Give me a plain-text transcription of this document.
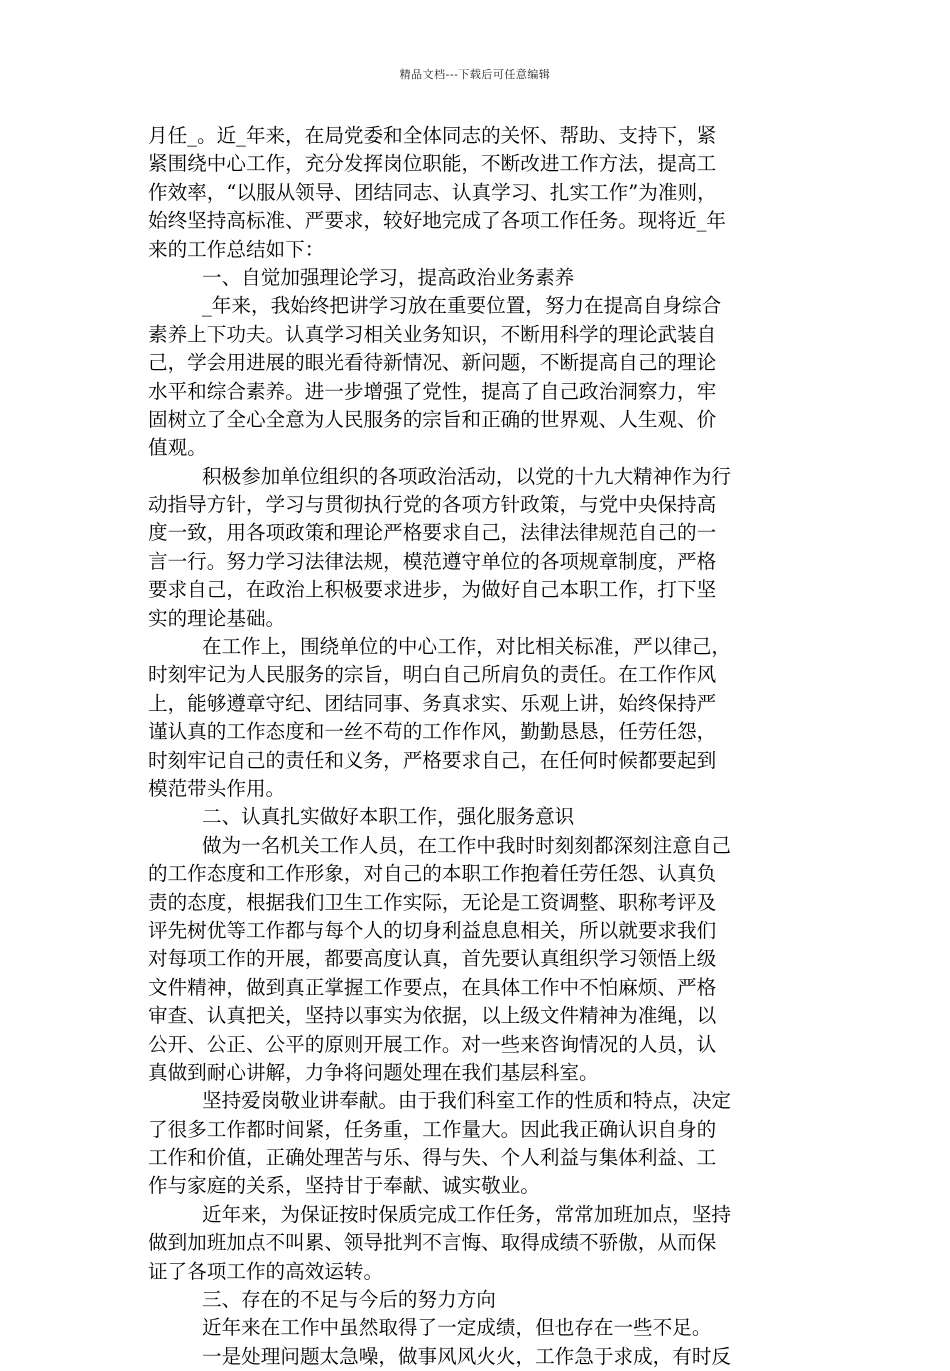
精品文档---下载后可任意编辑
月任_。近_年来，在局党委和全体同志的关怀、帮助、支持下，紧
紧围绕中心工作，充分发挥岗位职能，不断改进工作方法，提高工
作效率，“以服从领导、团结同志、认真学习、扎实工作”为准则，
始终坚持高标准、严要求，较好地完成了各项工作任务。现将近_年
来的工作总结如下：
一、自觉加强理论学习，提高政治业务素养
_年来，我始终把讲学习放在重要位置，努力在提高自身综合
素养上下功夫。认真学习相关业务知识，不断用科学的理论武装自
己，学会用进展的眼光看待新情况、新问题，不断提高自己的理论
水平和综合素养。进一步增强了党性，提高了自己政治洞察力，牢
固树立了全心全意为人民服务的宗旨和正确的世界观、人生观、价
值观。
积极参加单位组织的各项政治活动，以党的十九大精神作为行
动指导方针，学习与贯彻执行党的各项方针政策，与党中央保持高
度一致，用各项政策和理论严格要求自己，法律法律规范自己的一
言一行。努力学习法律法规，模范遵守单位的各项规章制度，严格
要求自己，在政治上积极要求进步，为做好自己本职工作，打下坚
实的理论基础。
在工作上，围绕单位的中心工作，对比相关标准，严以律己，
时刻牢记为人民服务的宗旨，明白自己所肩负的责任。在工作作风
上，能够遵章守纪、团结同事、务真求实、乐观上讲，始终保持严
谨认真的工作态度和一丝不苟的工作作风，勤勤恳恳，任劳任怨，
时刻牢记自己的责任和义务，严格要求自己，在任何时候都要起到
模范带头作用。
二、认真扎实做好本职工作，强化服务意识
做为一名机关工作人员，在工作中我时时刻刻都深刻注意自己
的工作态度和工作形象，对自己的本职工作抱着任劳任怨、认真负
责的态度，根据我们卫生工作实际，无论是工资调整、职称考评及
评先树优等工作都与每个人的切身利益息息相关，所以就要求我们
对每项工作的开展，都要高度认真，首先要认真组织学习领悟上级
文件精神，做到真正掌握工作要点，在具体工作中不怕麻烦、严格
审查、认真把关，坚持以事实为依据，以上级文件精神为准绳，以
公开、公正、公平的原则开展工作。对一些来咨询情况的人员，认
真做到耐心讲解，力争将问题处理在我们基层科室。
坚持爱岗敬业讲奉献。由于我们科室工作的性质和特点，决定
了很多工作都时间紧，任务重，工作量大。因此我正确认识自身的
工作和价值，正确处理苦与乐、得与失、个人利益与集体利益、工
作与家庭的关系，坚持甘于奉献、诚实敬业。
近年来，为保证按时保质完成工作任务，常常加班加点，坚持
做到加班加点不叫累、领导批判不言悔、取得成绩不骄傲，从而保
证了各项工作的高效运转。
三、存在的不足与今后的努力方向
近年来在工作中虽然取得了一定成绩，但也存在一些不足。
一是处理问题太急噪，做事风风火火，工作急于求成，有时反
